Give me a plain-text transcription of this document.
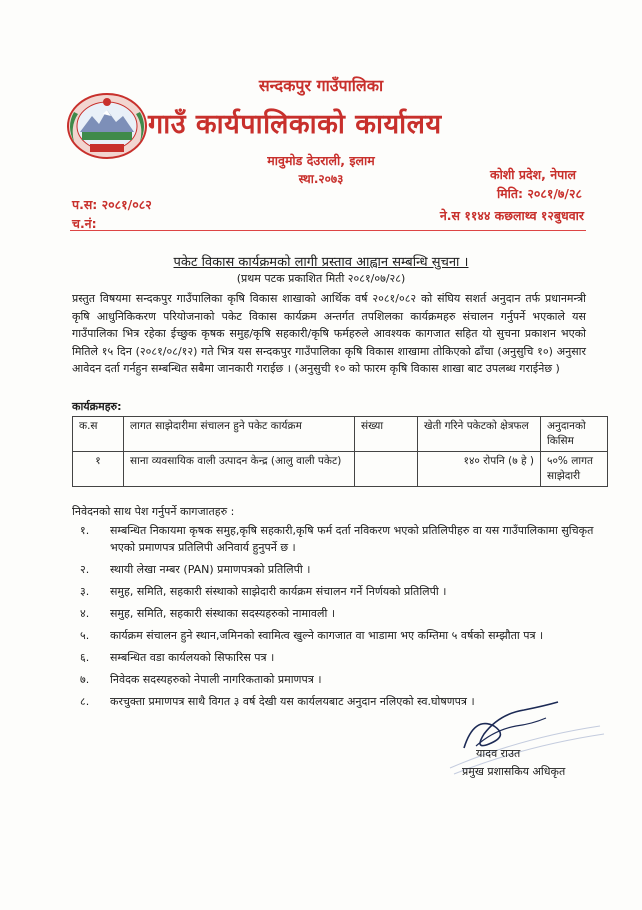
सन्दकपुर गाउँपालिका
गाउँ कार्यपालिकाको कार्यालय
मावुमोड देउराली, इलाम
स्था.२०७३	कोशी प्रदेश, नेपाल
मिति: २०८१/७/२८
प.स: २०८१/०८२
च.नं:
ने.स ११४४ कछलाथ्व १२बुधवार
पकेट विकास कार्यक्रमको लागी प्रस्ताव आह्वान सम्बन्धि सुचना ।
(प्रथम पटक प्रकाशित मिती २०८१/०७/२८)
प्रस्तुत विषयमा सन्दकपुर गाउँपालिका कृषि विकास शाखाको आर्थिक वर्ष २०८१/०८२ को संघिय सशर्त अनुदान तर्फ प्रधानमन्त्री कृषि आधुनिकिकरण परियोजनाको पकेट विकास कार्यक्रम अन्तर्गत तपशिलका कार्यक्रमहरु संचालन गर्नुपर्ने भएकाले यस गाउँपालिका भित्र रहेका ईच्छुक कृषक समुह/कृषि सहकारी/कृषि फर्महरुले आवश्यक कागजात सहित यो सुचना प्रकाशन भएको मितिले १५ दिन (२०८१/०८/१२) गते भित्र यस सन्दकपुर गाउँपालिका कृषि विकास शाखामा तोकिएको ढाँचा (अनुसुचि १०) अनुसार आवेदन दर्ता गर्नहुन सम्बन्धित सबैमा जानकारी गराईछ । (अनुसुची १० को फारम कृषि विकास शाखा बाट उपलब्ध गराईनेछ )
कार्यक्रमहरु:
क.स	लागत साझेदारीमा संचालन हुने पकेट कार्यक्रम	संख्या	खेती गरिने पकेटको क्षेत्रफल	अनुदानको किसिम
१	साना व्यवसायिक वाली उत्पादन केन्द्र (आलु वाली पकेट)		१४० रोपनि (७ हे )	५०% लागत साझेदारी
निवेदनको साथ पेश गर्नुपर्ने कागजातहरु :
१. सम्बन्धित निकायमा कृषक समुह,कृषि सहकारी,कृषि फर्म दर्ता नविकरण भएको प्रतिलिपीहरु वा यस गाउँपालिकामा सुचिकृत भएको प्रमाणपत्र प्रतिलिपी अनिवार्य हुनुपर्ने छ ।
२. स्थायी लेखा नम्बर (PAN) प्रमाणपत्रको प्रतिलिपी ।
३. समुह, समिति, सहकारी संस्थाको साझेदारी कार्यक्रम संचालन गर्ने निर्णयको प्रतिलिपी ।
४. समुह, समिति, सहकारी संस्थाका सदस्यहरुको नामावली ।
५. कार्यक्रम संचालन हुने स्थान,जमिनको स्वामित्व खुल्ने कागजात वा भाडामा भए कम्तिमा ५ वर्षको सम्झौता पत्र ।
६. सम्बन्धित वडा कार्यलयको सिफारिस पत्र ।
७. निवेदक सदस्यहरुको नेपाली नागरिकताको प्रमाणपत्र ।
८. करचुक्ता प्रमाणपत्र साथै विगत ३ वर्ष देखी यस कार्यलयबाट अनुदान नलिएको स्व.घोषणपत्र ।
यादव राउत
प्रमुख प्रशासकिय अधिकृत
